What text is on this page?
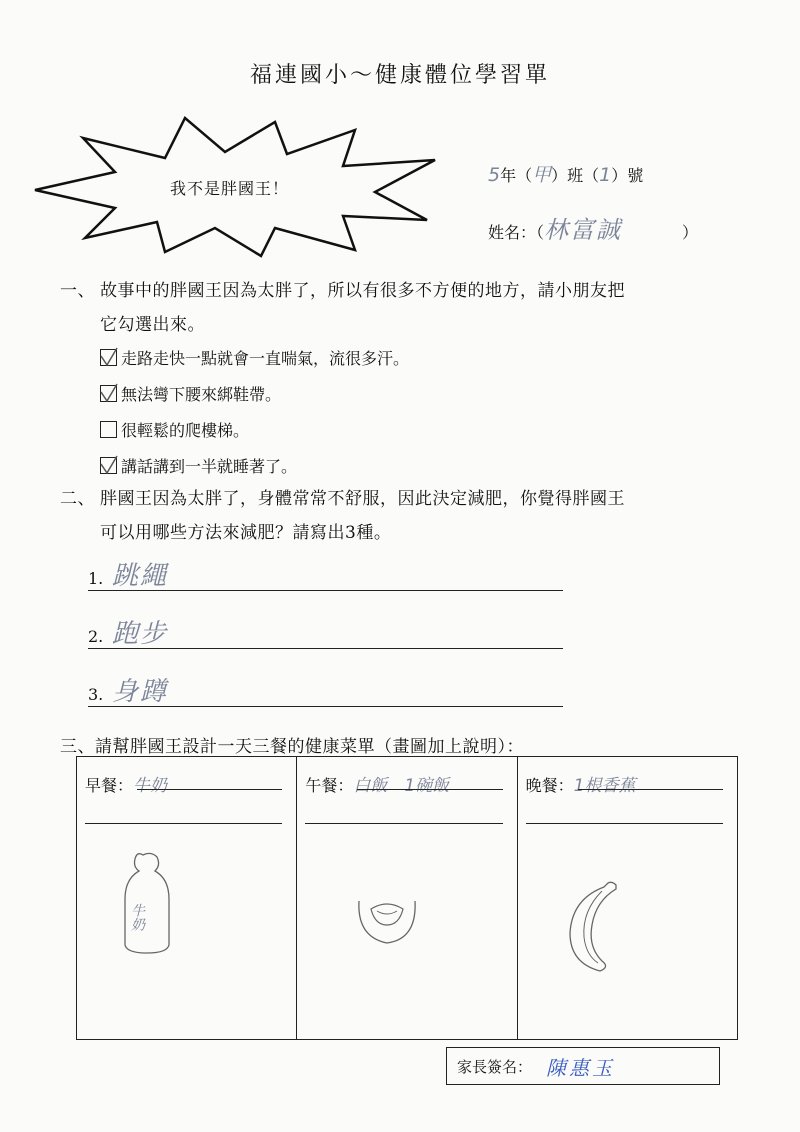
福連國小～健康體位學習單
我不是胖國王！
5年（甲）班（1）號
姓名：（林富誠	）
一、 故事中的胖國王因為太胖了，所以有很多不方便的地方，請小朋友把
它勾選出來。
走路走快一點就會一直喘氣，流很多汗。
無法彎下腰來綁鞋帶。
很輕鬆的爬樓梯。
講話講到一半就睡著了。
二、 胖國王因為太胖了，身體常常不舒服，因此決定減肥，你覺得胖國王
可以用哪些方法來減肥？請寫出3種。
1. 跳繩
2. 跑步
3. 身蹲
三、請幫胖國王設計一天三餐的健康菜單（畫圖加上說明）：
早餐：牛奶
牛奶
午餐：白飯　1碗飯	晚餐：1根香蕉
家長簽名： 陳惠玉
